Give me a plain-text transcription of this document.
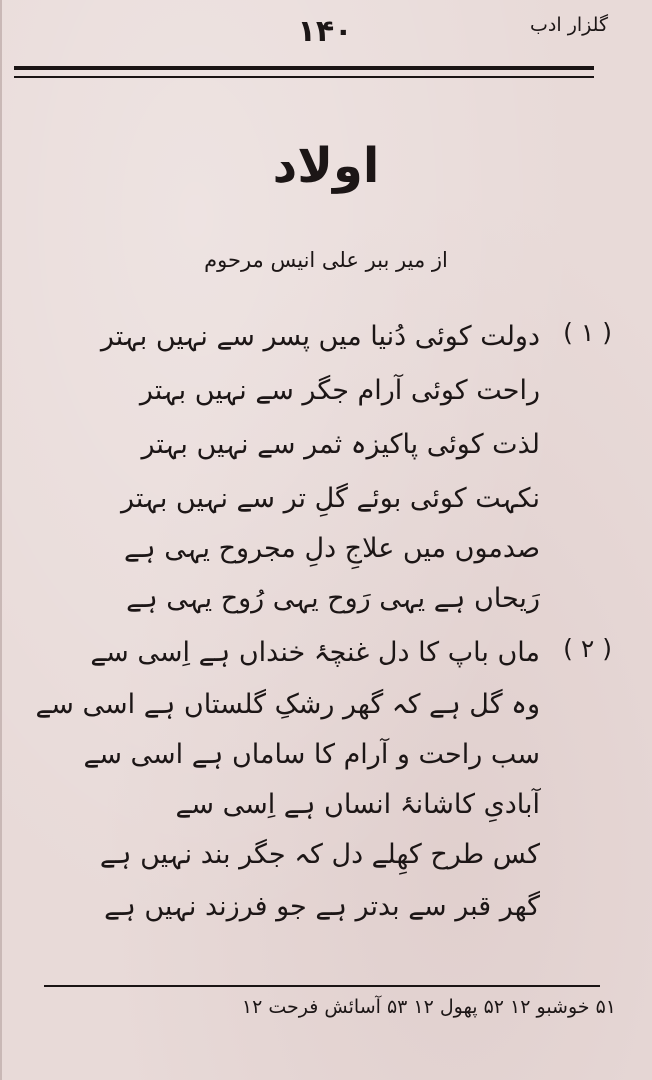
گلزار ادب
۱۴۰
اولاد
از میر ببر علی انیس مرحوم
( ۱ )
دولت کوئی دُنیا میں پسر سے نہیں بہتر
راحت کوئی آرام جگر سے نہیں بہتر
لذت کوئی پاکیزہ ثمر سے نہیں بہتر
نکہت کوئی بوئے گلِ تر سے نہیں بہتر
صدموں میں علاجِ دلِ مجروح یہی ہے
رَیحاں ہے یہی رَوح یہی رُوح یہی ہے
( ۲ )
ماں باپ کا دل غنچۂ خنداں ہے اِسی سے
وہ گل ہے کہ گھر رشکِ گلستاں ہے اسی سے
سب راحت و آرام کا ساماں ہے اسی سے
آبادیِ کاشانۂ انساں ہے اِسی سے
کس طرح کھِلے دل کہ جگر بند نہیں ہے
گھر قبر سے بدتر ہے جو فرزند نہیں ہے
۵۱ خوشبو ۱۲ ۵۲ پھول ۱۲ ۵۳ آسائش فرحت ۱۲
